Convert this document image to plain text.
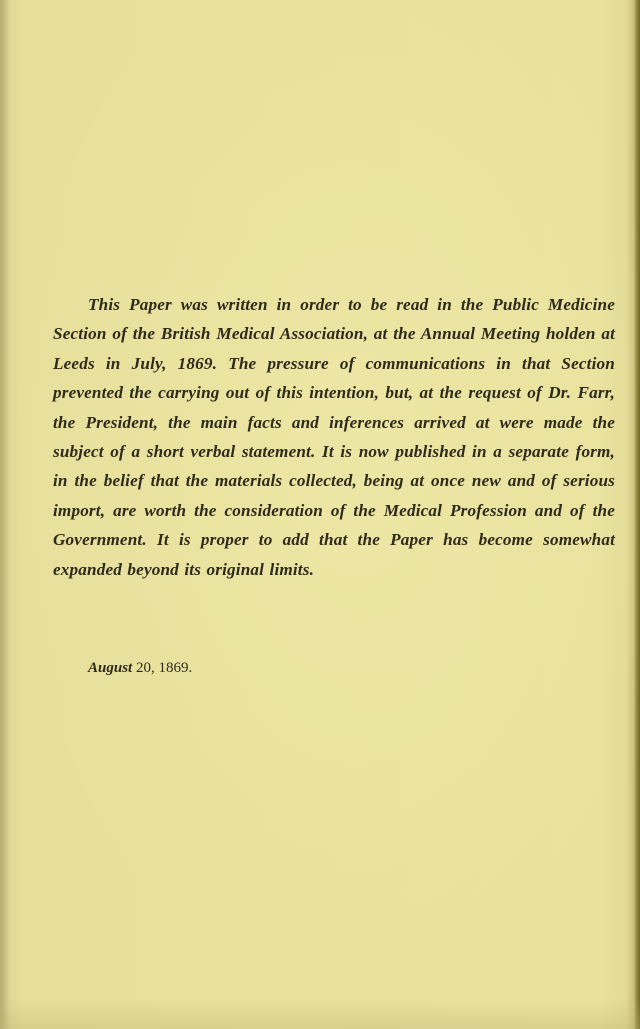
This Paper was written in order to be read in the Public Medicine Section of the British Medical Association, at the Annual Meeting holden at Leeds in July, 1869. The pressure of communications in that Section prevented the carrying out of this intention, but, at the request of Dr. Farr, the President, the main facts and inferences arrived at were made the subject of a short verbal statement. It is now published in a separate form, in the belief that the materials collected, being at once new and of serious import, are worth the consideration of the Medical Profession and of the Government. It is proper to add that the Paper has become somewhat expanded beyond its original limits.

August 20, 1869.
